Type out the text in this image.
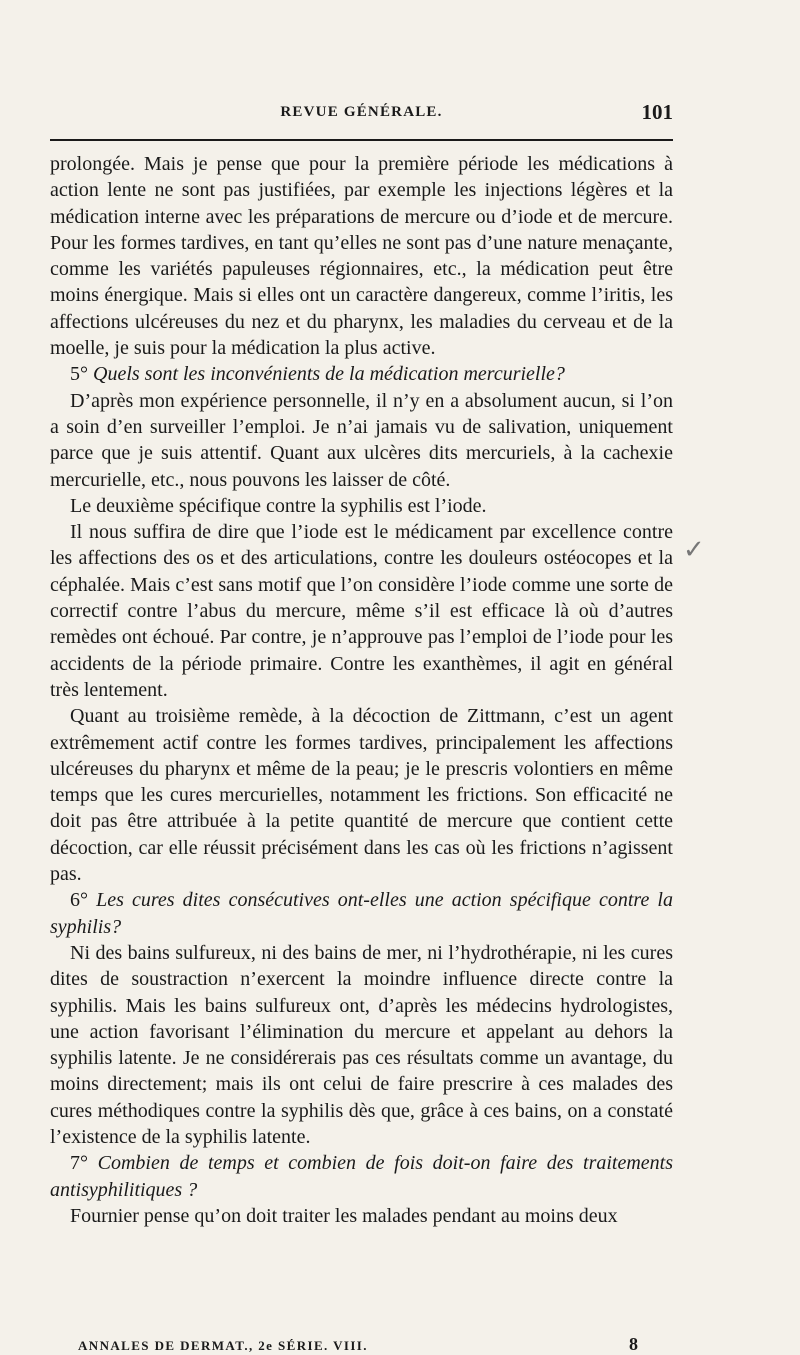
REVUE GÉNÉRALE.	101

prolongée. Mais je pense que pour la première période les médications à action lente ne sont pas justifiées, par exemple les injections légères et la médication interne avec les préparations de mercure ou d’iode et de mercure. Pour les formes tardives, en tant qu’elles ne sont pas d’une nature menaçante, comme les variétés papuleuses régionnaires, etc., la médication peut être moins énergique. Mais si elles ont un caractère dangereux, comme l’iritis, les affections ulcéreuses du nez et du pharynx, les maladies du cerveau et de la moelle, je suis pour la médication la plus active.

5° Quels sont les inconvénients de la médication mercurielle?

D’après mon expérience personnelle, il n’y en a absolument aucun, si l’on a soin d’en surveiller l’emploi. Je n’ai jamais vu de salivation, uniquement parce que je suis attentif. Quant aux ulcères dits mercuriels, à la cachexie mercurielle, etc., nous pouvons les laisser de côté.

Le deuxième spécifique contre la syphilis est l’iode.

Il nous suffira de dire que l’iode est le médicament par excellence contre les affections des os et des articulations, contre les douleurs ostéocopes et la céphalée. Mais c’est sans motif que l’on considère l’iode comme une sorte de correctif contre l’abus du mercure, même s’il est efficace là où d’autres remèdes ont échoué. Par contre, je n’approuve pas l’emploi de l’iode pour les accidents de la période primaire. Contre les exanthèmes, il agit en général très lentement.

Quant au troisième remède, à la décoction de Zittmann, c’est un agent extrêmement actif contre les formes tardives, principalement les affections ulcéreuses du pharynx et même de la peau; je le prescris volontiers en même temps que les cures mercurielles, notamment les frictions. Son efficacité ne doit pas être attribuée à la petite quantité de mercure que contient cette décoction, car elle réussit précisément dans les cas où les frictions n’agissent pas.

6° Les cures dites consécutives ont-elles une action spécifique contre la syphilis?

Ni des bains sulfureux, ni des bains de mer, ni l’hydrothérapie, ni les cures dites de soustraction n’exercent la moindre influence directe contre la syphilis. Mais les bains sulfureux ont, d’après les médecins hydrologistes, une action favorisant l’élimination du mercure et appelant au dehors la syphilis latente. Je ne considérerais pas ces résultats comme un avantage, du moins directement; mais ils ont celui de faire prescrire à ces malades des cures méthodiques contre la syphilis dès que, grâce à ces bains, on a constaté l’existence de la syphilis latente.

7° Combien de temps et combien de fois doit-on faire des traitements antisyphilitiques ?

Fournier pense qu’on doit traiter les malades pendant au moins deux

✓
ANNALES DE DERMAT., 2e SÉRIE. VIII.	8
